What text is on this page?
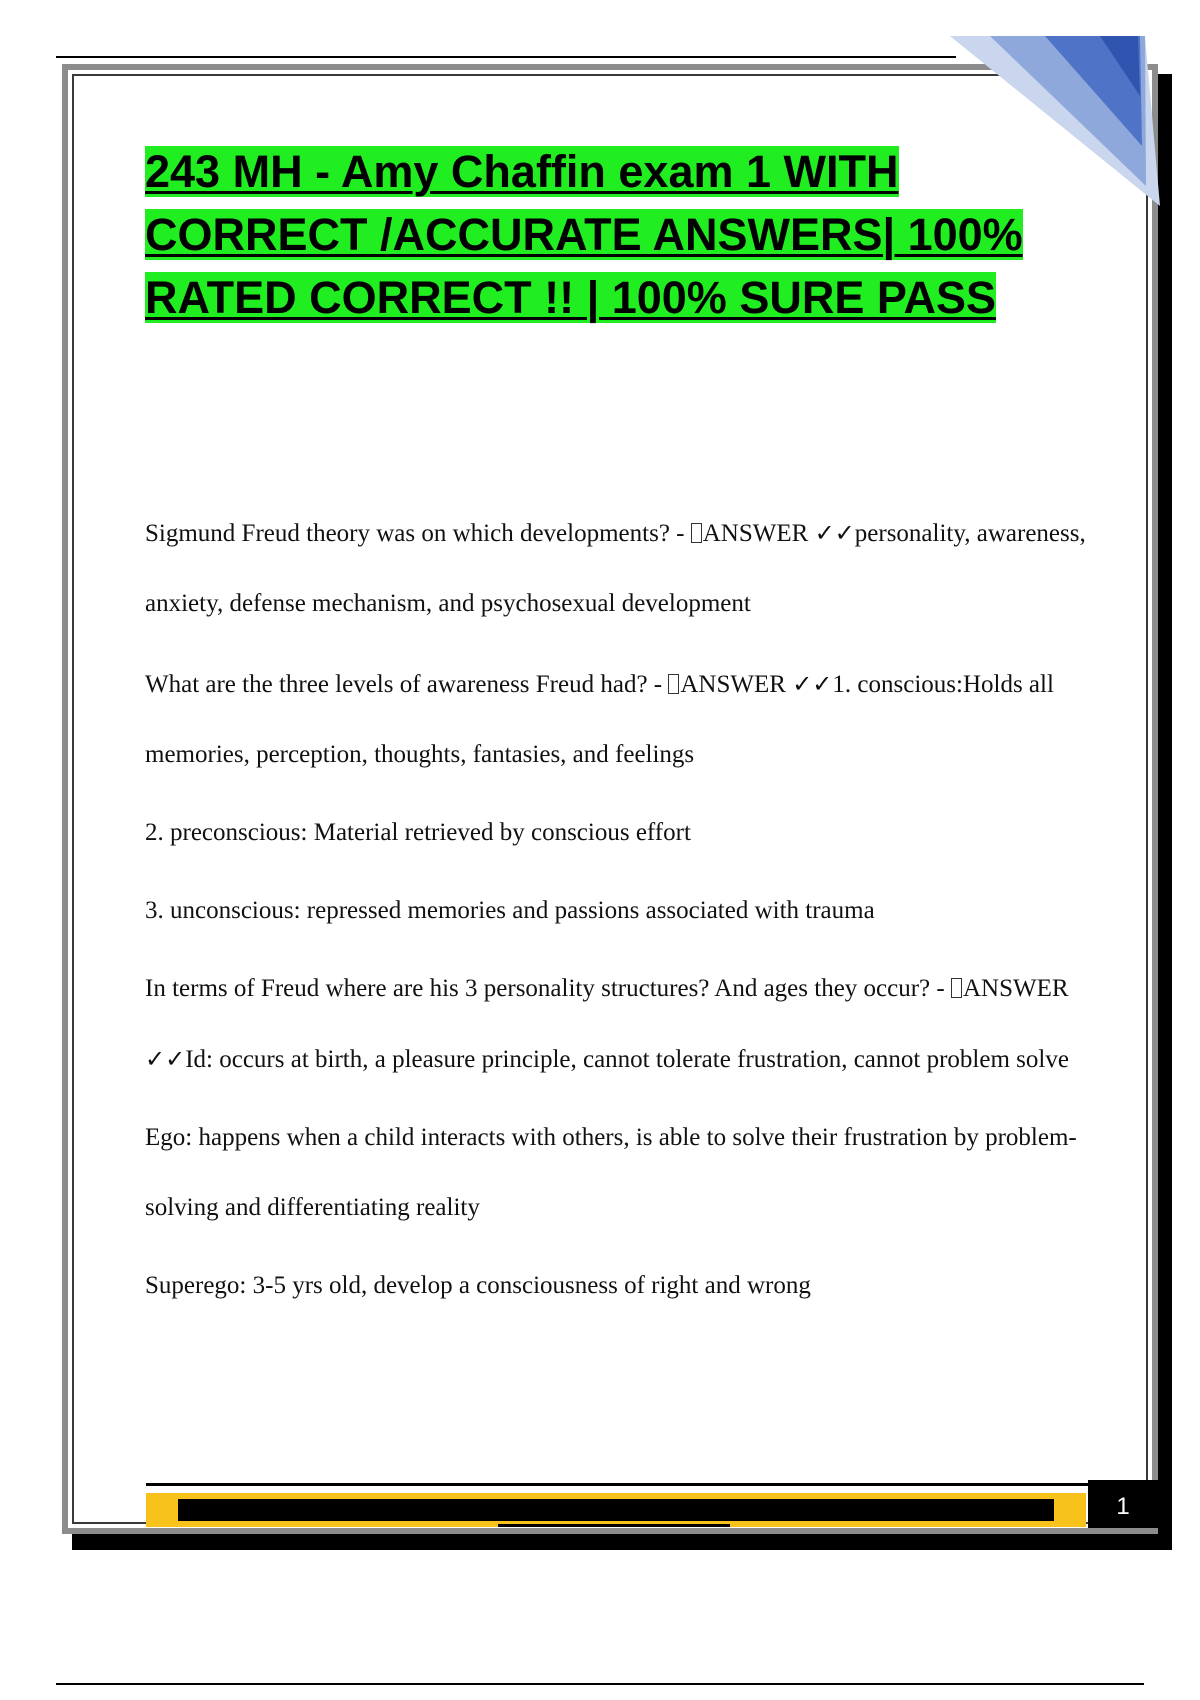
243 MH - Amy Chaffin exam 1 WITH CORRECT /ACCURATE ANSWERS| 100% RATED CORRECT !! | 100% SURE PASS

Sigmund Freud theory was on which developments? - ANSWER ✓✓personality, awareness, anxiety, defense mechanism, and psychosexual development

What are the three levels of awareness Freud had? - ANSWER ✓✓1. conscious:Holds all memories, perception, thoughts, fantasies, and feelings

2. preconscious: Material retrieved by conscious effort

3. unconscious: repressed memories and passions associated with trauma

In terms of Freud where are his 3 personality structures? And ages they occur? - ANSWER ✓✓Id: occurs at birth, a pleasure principle, cannot tolerate frustration, cannot problem solve

Ego: happens when a child interacts with others, is able to solve their frustration by problem-solving and differentiating reality

Superego: 3-5 yrs old, develop a consciousness of right and wrong

1
